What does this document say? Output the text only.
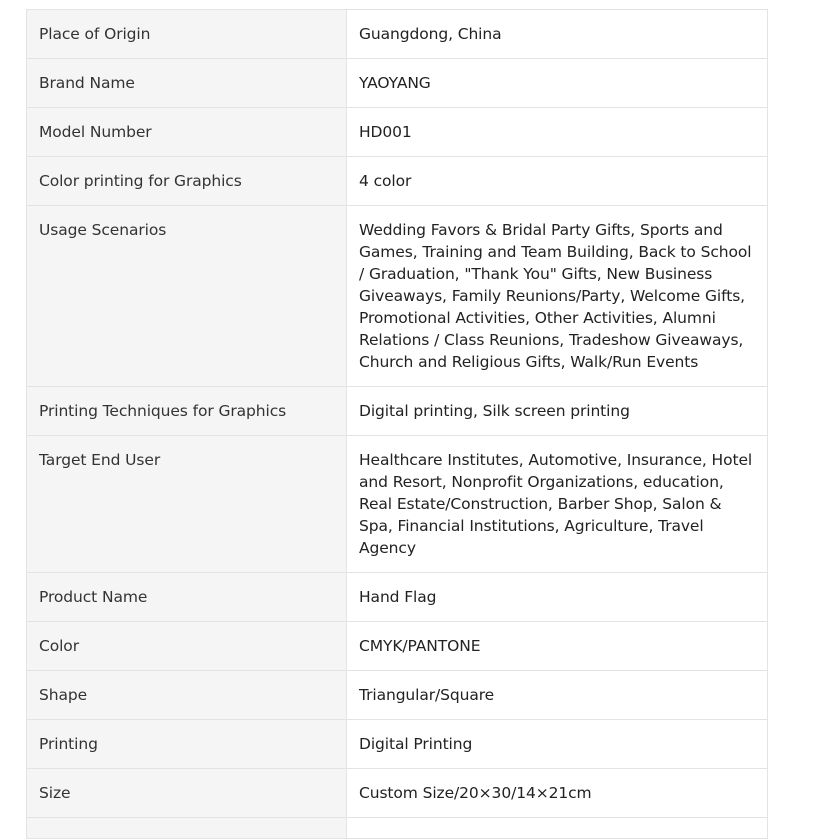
Place of Origin	Guangdong, China
Brand Name	YAOYANG
Model Number	HD001
Color printing for Graphics	4 color
Usage Scenarios	Wedding Favors & Bridal Party Gifts, Sports and Games, Training and Team Building, Back to School / Graduation, "Thank You" Gifts, New Business Giveaways, Family Reunions/Party, Welcome Gifts, Promotional Activities, Other Activities, Alumni Relations / Class Reunions, Tradeshow Giveaways, Church and Religious Gifts, Walk/Run Events
Printing Techniques for Graphics	Digital printing, Silk screen printing
Target End User	Healthcare Institutes, Automotive, Insurance, Hotel and Resort, Nonprofit Organizations, education, Real Estate/Construction, Barber Shop, Salon & Spa, Financial Institutions, Agriculture, Travel Agency
Product Name	Hand Flag
Color	CMYK/PANTONE
Shape	Triangular/Square
Printing	Digital Printing
Size	Custom Size/20×30/14×21cm
